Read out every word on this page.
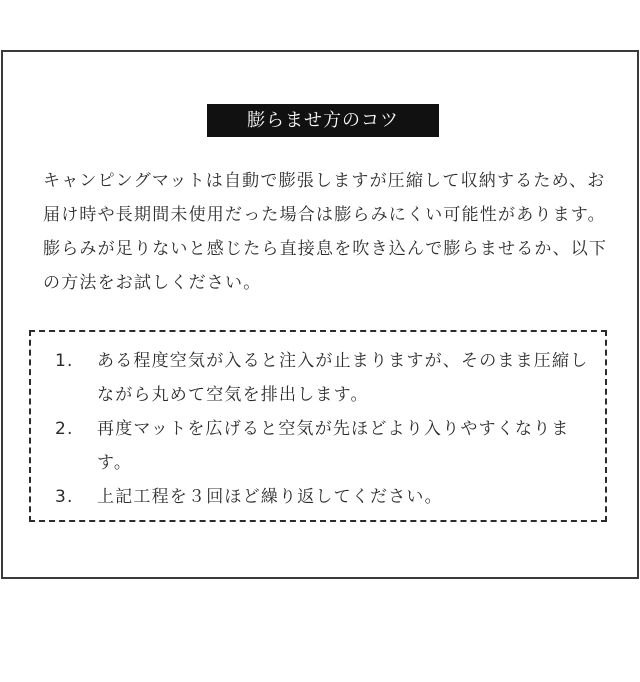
膨らませ方のコツ

キャンピングマットは自動で膨張しますが圧縮して収納するため、お届け時や長期間未使用だった場合は膨らみにくい可能性があります。膨らみが足りないと感じたら直接息を吹き込んで膨らませるか、以下の方法をお試しください。

1.	ある程度空気が入ると注入が止まりますが、そのまま圧縮しながら丸めて空気を排出します。
2.	再度マットを広げると空気が先ほどより入りやすくなります。
3.	上記工程を３回ほど繰り返してください。
